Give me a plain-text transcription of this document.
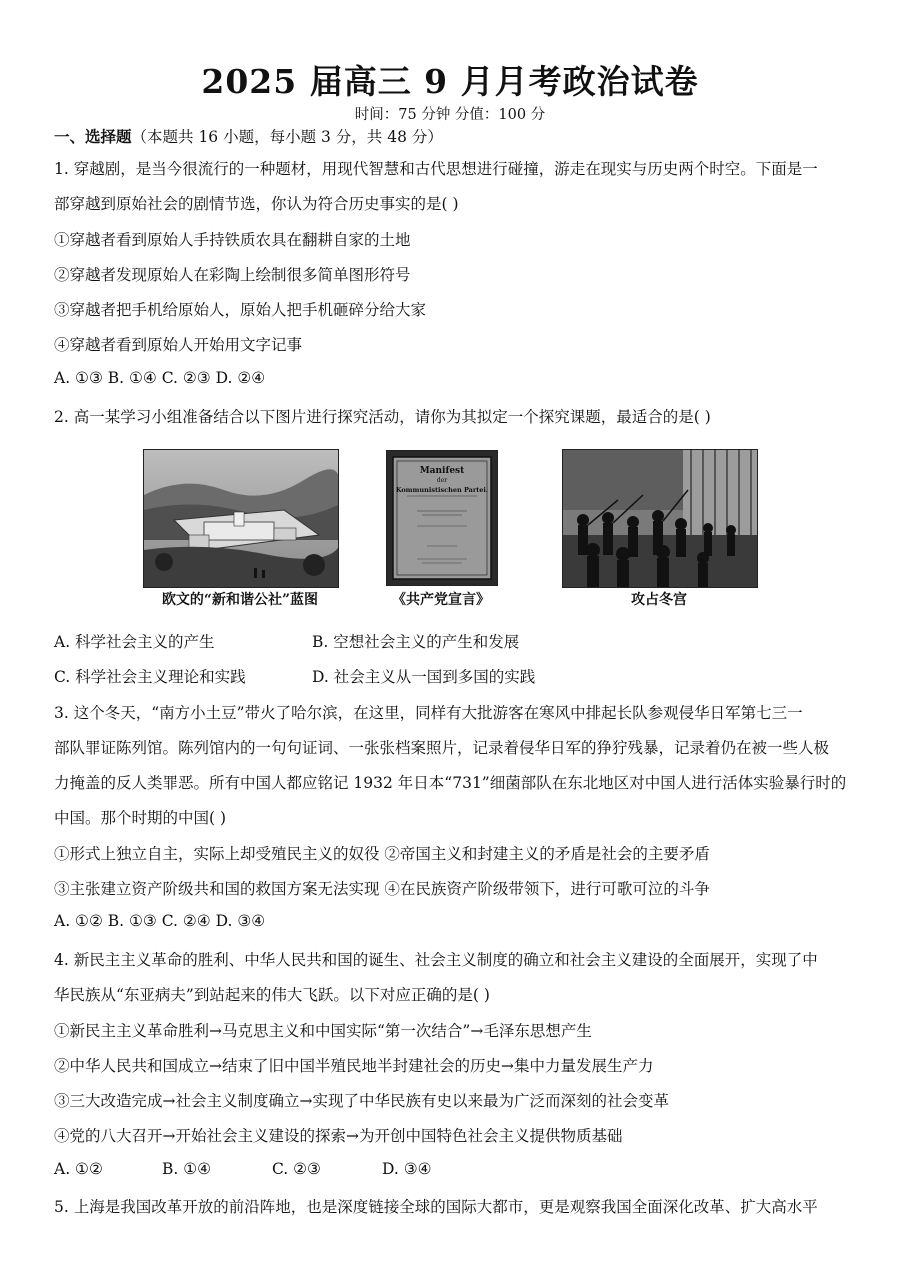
2025 届高三 9 月月考政治试卷
时间：75 分钟 分值：100 分
一、选择题（本题共 16 小题，每小题 3 分，共 48 分）
1. 穿越剧，是当今很流行的一种题材，用现代智慧和古代思想进行碰撞，游走在现实与历史两个时空。下面是一
部穿越到原始社会的剧情节选，你认为符合历史事实的是( )
①穿越者看到原始人手持铁质农具在翻耕自家的土地
②穿越者发现原始人在彩陶上绘制很多简单图形符号
③穿越者把手机给原始人，原始人把手机砸碎分给大家
④穿越者看到原始人开始用文字记事
A. ①③ B. ①④ C. ②③ D. ②④
2. 高一某学习小组准备结合以下图片进行探究活动，请你为其拟定一个探究课题，最适合的是( )
Manifest
der
Kommunistischen Partei.
欧文的“新和谐公社”蓝图	《共产党宣言》	攻占冬宫
A. 科学社会主义的产生	B. 空想社会主义的产生和发展
C. 科学社会主义理论和实践	D. 社会主义从一国到多国的实践
3. 这个冬天，“南方小土豆”带火了哈尔滨，在这里，同样有大批游客在寒风中排起长队参观侵华日军第七三一
部队罪证陈列馆。陈列馆内的一句句证词、一张张档案照片，记录着侵华日军的狰狞残暴，记录着仍在被一些人极
力掩盖的反人类罪恶。所有中国人都应铭记 1932 年日本“731”细菌部队在东北地区对中国人进行活体实验暴行时的
中国。那个时期的中国( )
①形式上独立自主，实际上却受殖民主义的奴役 ②帝国主义和封建主义的矛盾是社会的主要矛盾
③主张建立资产阶级共和国的救国方案无法实现 ④在民族资产阶级带领下，进行可歌可泣的斗争
A. ①② B. ①③ C. ②④ D. ③④
4. 新民主主义革命的胜利、中华人民共和国的诞生、社会主义制度的确立和社会主义建设的全面展开，实现了中
华民族从“东亚病夫”到站起来的伟大飞跃。以下对应正确的是( )
①新民主主义革命胜利→马克思主义和中国实际“第一次结合”→毛泽东思想产生
②中华人民共和国成立→结束了旧中国半殖民地半封建社会的历史→集中力量发展生产力
③三大改造完成→社会主义制度确立→实现了中华民族有史以来最为广泛而深刻的社会变革
④党的八大召开→开始社会主义建设的探索→为开创中国特色社会主义提供物质基础
A. ①②	B. ①④	C. ②③	D. ③④
5. 上海是我国改革开放的前沿阵地，也是深度链接全球的国际大都市，更是观察我国全面深化改革、扩大高水平
